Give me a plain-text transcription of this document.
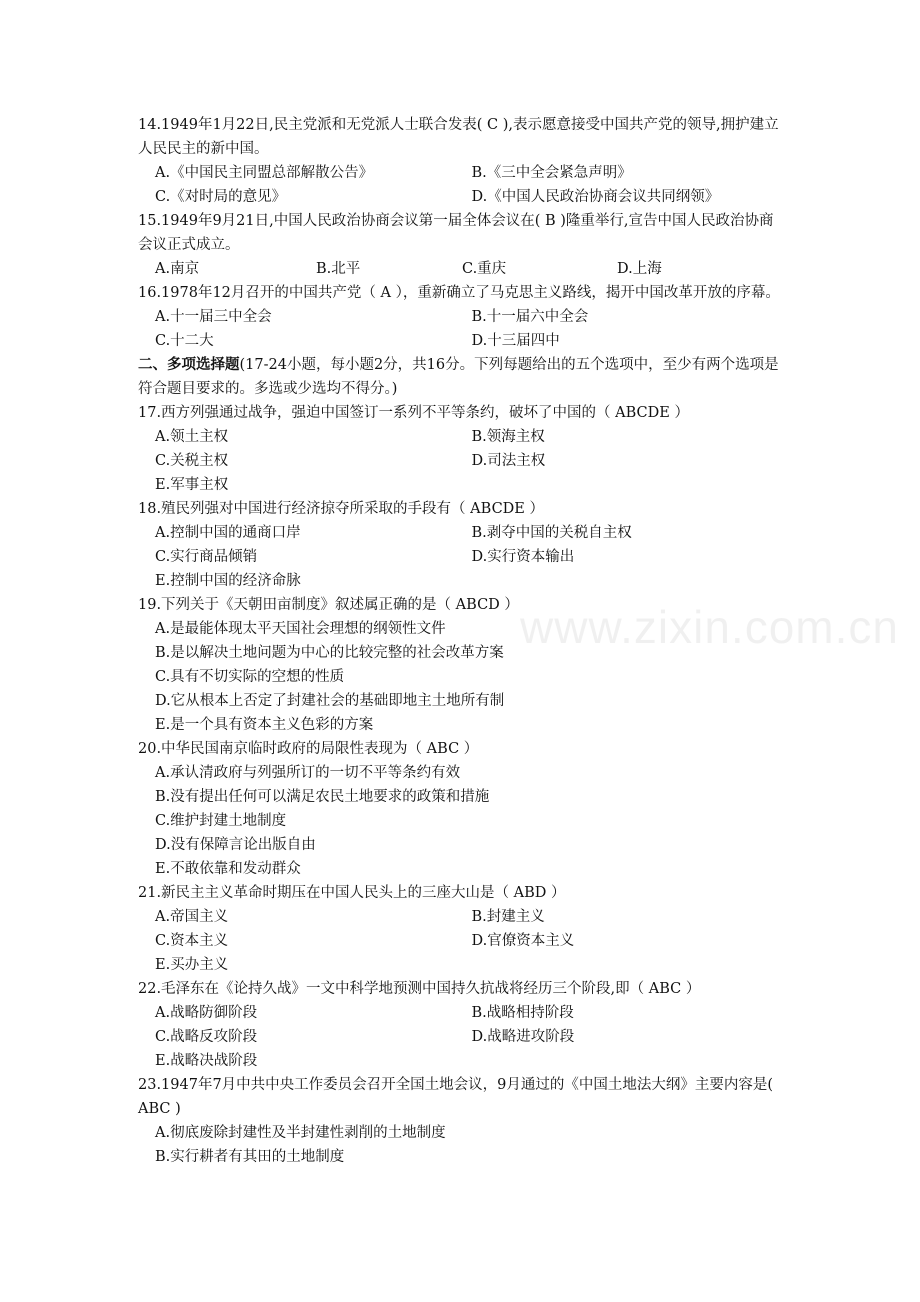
www.zixin.com.cn

14.1949年1月22日,民主党派和无党派人士联合发表( C ),表示愿意接受中国共产党的领导,拥护建立人民民主的新中国。

A.《中国民主同盟总部解散公告》	B.《三中全会紧急声明》
C.《对时局的意见》	D.《中国人民政治协商会议共同纲领》

15.1949年9月21日,中国人民政治协商会议第一届全体会议在( B )隆重举行,宣告中国人民政治协商会议正式成立。

A.南京	B.北平	C.重庆	D.上海

16.1978年12月召开的中国共产党（ A ），重新确立了马克思主义路线，揭开中国改革开放的序幕。

A.十一届三中全会	B.十一届六中全会
C.十二大	D.十三届四中

二、多项选择题(17-24小题，每小题2分，共16分。下列每题给出的五个选项中，至少有两个选项是符合题目要求的。多选或少选均不得分。)

17.西方列强通过战争，强迫中国签订一系列不平等条约，破坏了中国的（ ABCDE ）

A.领土主权	B.领海主权
C.关税主权	D.司法主权
E.军事主权

18.殖民列强对中国进行经济掠夺所采取的手段有（ ABCDE ）

A.控制中国的通商口岸	B.剥夺中国的关税自主权
C.实行商品倾销	D.实行资本输出
E.控制中国的经济命脉

19.下列关于《天朝田亩制度》叙述属正确的是（ ABCD ）

A.是最能体现太平天国社会理想的纲领性文件
B.是以解决土地问题为中心的比较完整的社会改革方案
C.具有不切实际的空想的性质
D.它从根本上否定了封建社会的基础即地主土地所有制
E.是一个具有资本主义色彩的方案

20.中华民国南京临时政府的局限性表现为（ ABC ）

A.承认清政府与列强所订的一切不平等条约有效
B.没有提出任何可以满足农民土地要求的政策和措施
C.维护封建土地制度
D.没有保障言论出版自由
E.不敢依靠和发动群众

21.新民主主义革命时期压在中国人民头上的三座大山是（ ABD ）

A.帝国主义	B.封建主义
C.资本主义	D.官僚资本主义
E.买办主义

22.毛泽东在《论持久战》一文中科学地预测中国持久抗战将经历三个阶段,即（ ABC ）

A.战略防御阶段	B.战略相持阶段
C.战略反攻阶段	D.战略进攻阶段
E.战略决战阶段

23.1947年7月中共中央工作委员会召开全国土地会议，9月通过的《中国土地法大纲》主要内容是( ABC )

A.彻底废除封建性及半封建性剥削的土地制度
B.实行耕者有其田的土地制度
